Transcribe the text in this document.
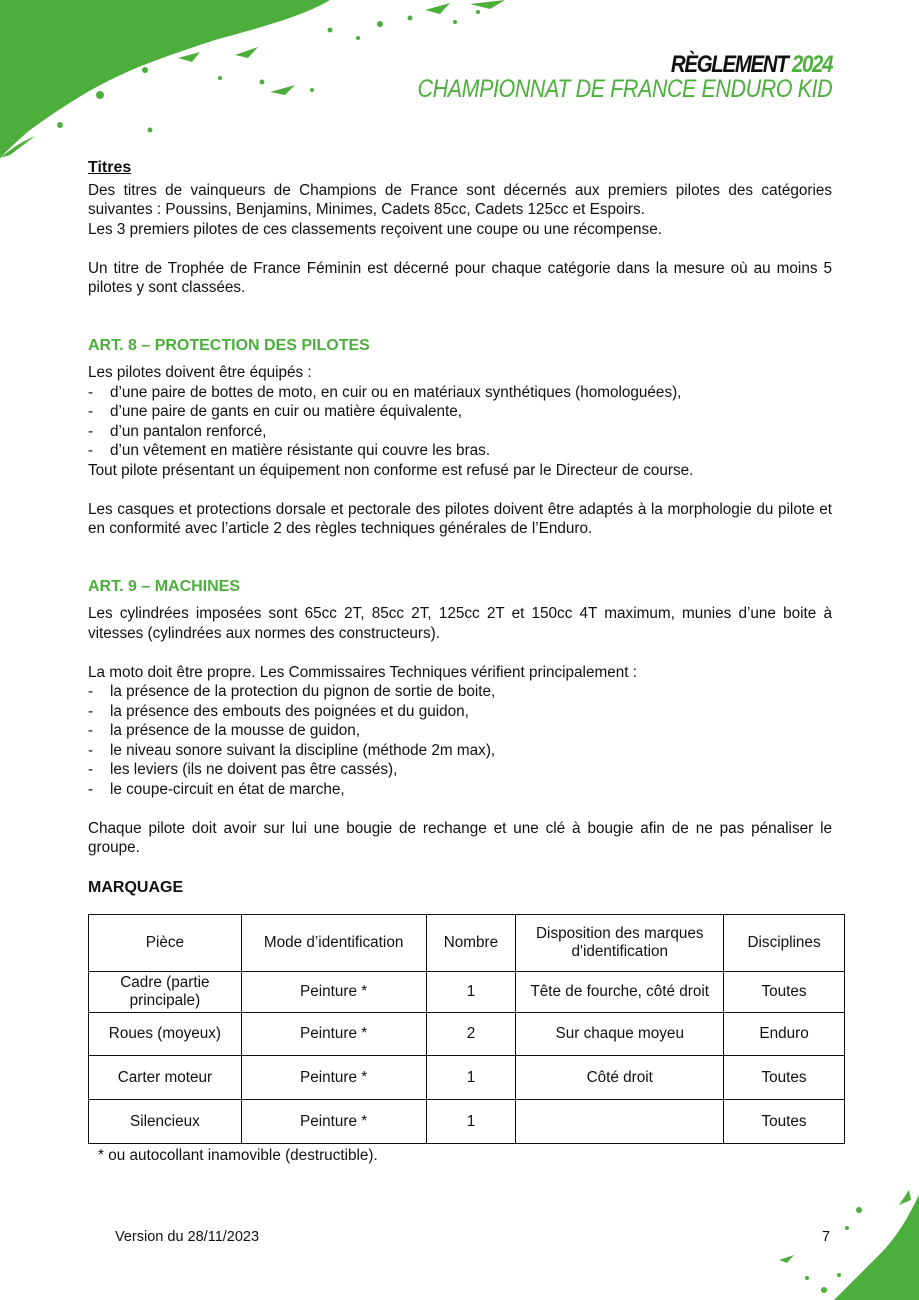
RÈGLEMENT 2024
CHAMPIONNAT DE FRANCE ENDURO KID

Titres

Des titres de vainqueurs de Champions de France sont décernés aux premiers pilotes des catégories suivantes : Poussins, Benjamins, Minimes, Cadets 85cc, Cadets 125cc et Espoirs.

Les 3 premiers pilotes de ces classements reçoivent une coupe ou une récompense.

Un titre de Trophée de France Féminin est décerné pour chaque catégorie dans la mesure où au moins 5 pilotes y sont classées.

ART. 8 – PROTECTION DES PILOTES

Les pilotes doivent être équipés :

- d’une paire de bottes de moto, en cuir ou en matériaux synthétiques (homologuées),
- d’une paire de gants en cuir ou matière équivalente,
- d’un pantalon renforcé,
- d’un vêtement en matière résistante qui couvre les bras.

Tout pilote présentant un équipement non conforme est refusé par le Directeur de course.

Les casques et protections dorsale et pectorale des pilotes doivent être adaptés à la morphologie du pilote et en conformité avec l’article 2 des règles techniques générales de l’Enduro.

ART. 9 – MACHINES

Les cylindrées imposées sont 65cc 2T, 85cc 2T, 125cc 2T et 150cc 4T maximum, munies d’une boite à vitesses (cylindrées aux normes des constructeurs).

La moto doit être propre. Les Commissaires Techniques vérifient principalement :

- la présence de la protection du pignon de sortie de boite,
- la présence des embouts des poignées et du guidon,
- la présence de la mousse de guidon,
- le niveau sonore suivant la discipline (méthode 2m max),
- les leviers (ils ne doivent pas être cassés),
- le coupe-circuit en état de marche,

Chaque pilote doit avoir sur lui une bougie de rechange et une clé à bougie afin de ne pas pénaliser le groupe.

MARQUAGE

Pièce	Mode d’identification	Nombre	Disposition des marques d'identification	Disciplines
Cadre (partie principale)	Peinture *	1	Tête de fourche, côté droit	Toutes
Roues (moyeux)	Peinture *	2	Sur chaque moyeu	Enduro
Carter moteur	Peinture *	1	Côté droit	Toutes
Silencieux	Peinture *	1		Toutes

* ou autocollant inamovible (destructible).

Version du 28/11/2023	7
